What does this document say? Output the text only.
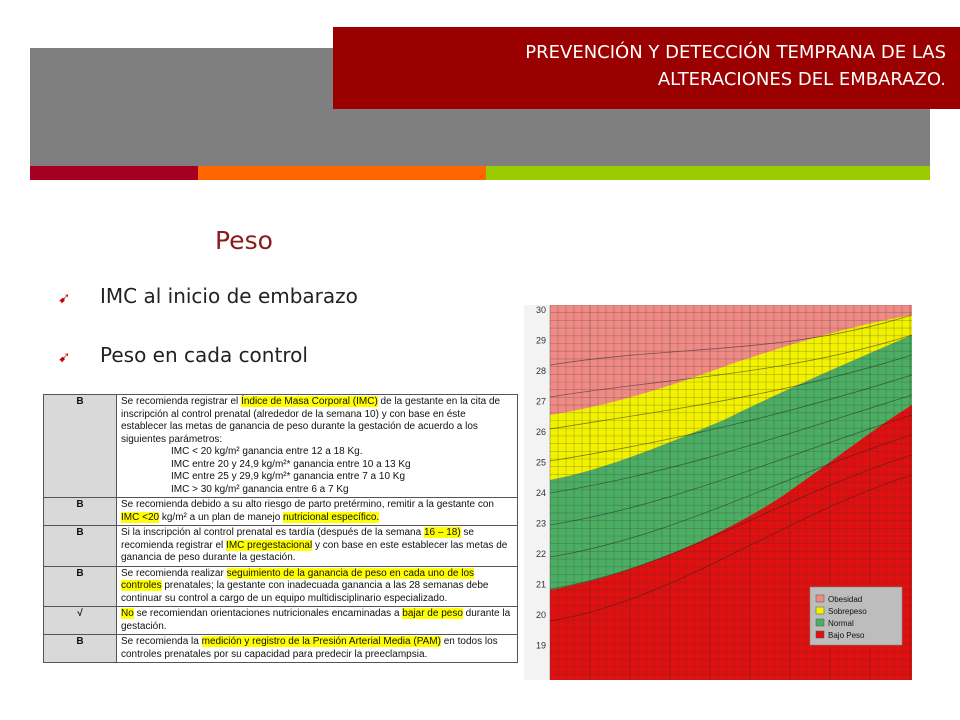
PREVENCIÓN Y DETECCIÓN TEMPRANA DE LAS
ALTERACIONES DEL EMBARAZO.
Peso
➹ IMC al inicio de embarazo
➹ Peso en cada control
B	Se recomienda registrar el Índice de Masa Corporal (IMC) de la gestante en la cita de inscripción al control prenatal (alrededor de la semana 10) y con base en éste establecer las metas de ganancia de peso durante la gestación de acuerdo a los siguientes parámetros:
IMC < 20 kg/m² ganancia entre 12 a 18 Kg.
IMC entre 20 y 24,9 kg/m²* ganancia entre 10 a 13 Kg
IMC entre 25 y 29,9 kg/m²* ganancia entre 7 a 10 Kg
IMC > 30 kg/m² ganancia entre 6 a 7 Kg

B	Se recomienda debido a su alto riesgo de parto pretérmino, remitir a la gestante con IMC <20 kg/m² a un plan de manejo nutricional específico.
B	Si la inscripción al control prenatal es tardía (después de la semana 16 – 18) se recomienda registrar el IMC pregestacional y con base en este establecer las metas de ganancia de peso durante la gestación.
B	Se recomienda realizar seguimiento de la ganancia de peso en cada uno de los controles prenatales; la gestante con inadecuada ganancia a las 28 semanas debe continuar su control a cargo de un equipo multidisciplinario especializado.
√	No se recomiendan orientaciones nutricionales encaminadas a bajar de peso durante la gestación.
B	Se recomienda la medición y registro de la Presión Arterial Media (PAM) en todos los controles prenatales por su capacidad para predecir la preeclampsia.
30
29
28
27
26
25
24
23
22
21
20
19
Obesidad
Sobrepeso
Normal
Bajo Peso
